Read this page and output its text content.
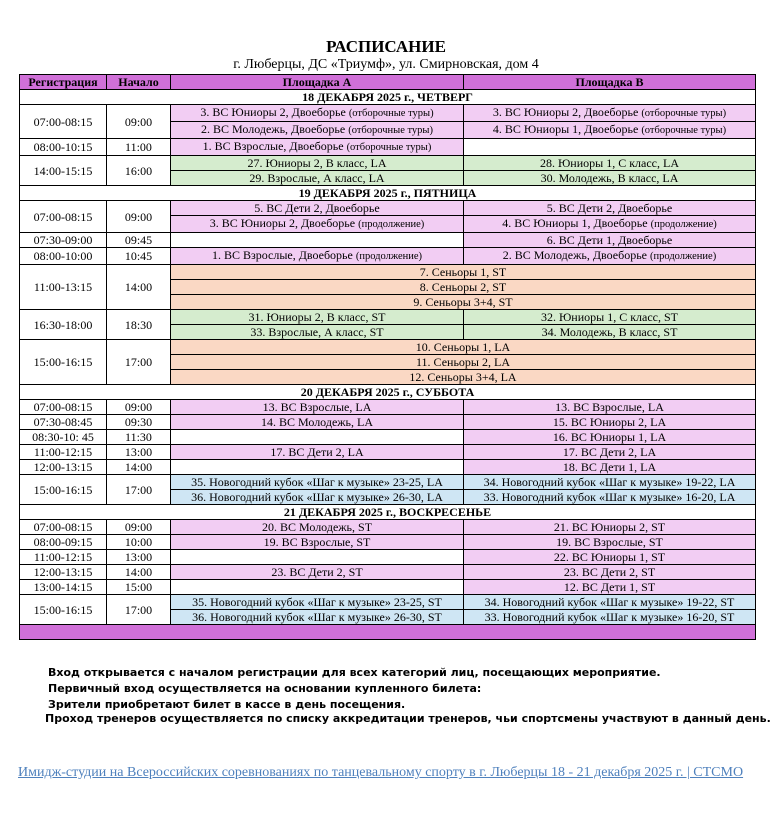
РАСПИСАНИЕ
г. Люберцы, ДС «Триумф», ул. Смирновская, дом 4
Регистрация	Начало	Площадка А	Площадка В
18 ДЕКАБРЯ 2025 г., ЧЕТВЕРГ			
07:00-08:15	09:00	3. ВС Юниоры 2, Двоеборье (отборочные туры)	3. ВС Юниоры 2, Двоеборье (отборочные туры)
		2. ВС Молодежь, Двоеборье (отборочные туры)	4. ВС Юниоры 1, Двоеборье (отборочные туры)
08:00-10:15	11:00	1. ВС Взрослые, Двоеборье (отборочные туры)	
14:00-15:15	16:00	27. Юниоры 2, В класс, LA	28. Юниоры 1, С класс, LA
		29. Взрослые, А класс, LA	30. Молодежь, В класс, LA
19 ДЕКАБРЯ 2025 г., ПЯТНИЦА			
07:00-08:15	09:00	5. ВС Дети 2, Двоеборье	5. ВС Дети 2, Двоеборье
		3. ВС Юниоры 2, Двоеборье (продолжение)	4. ВС Юниоры 1, Двоеборье (продолжение)
07:30-09:00	09:45		6. ВС Дети 1, Двоеборье
08:00-10:00	10:45	1. ВС Взрослые, Двоеборье (продолжение)	2. ВС Молодежь, Двоеборье (продолжение)
11:00-13:15	14:00	7. Сеньоры 1, ST	
		8. Сеньоры 2, ST	
		9. Сеньоры 3+4, ST	
16:30-18:00	18:30	31. Юниоры 2, В класс, ST	32. Юниоры 1, С класс, ST
		33. Взрослые, А класс, ST	34. Молодежь, В класс, ST
15:00-16:15	17:00	10. Сеньоры 1, LA	
		11. Сеньоры 2, LA	
		12. Сеньоры 3+4, LA	
20 ДЕКАБРЯ 2025 г., СУББОТА			
07:00-08:15	09:00	13. ВС Взрослые, LA	13. ВС Взрослые, LA
07:30-08:45	09:30	14. ВС Молодежь, LA	15. ВС Юниоры 2, LA
08:30-10: 45	11:30		16. ВС Юниоры 1, LA
11:00-12:15	13:00	17. ВС Дети 2, LA	17. ВС Дети 2, LA
12:00-13:15	14:00		18. ВС Дети 1, LA
15:00-16:15	17:00	35. Новогодний кубок «Шаг к музыке» 23-25, LA	34. Новогодний кубок «Шаг к музыке» 19-22, LA
		36. Новогодний кубок «Шаг к музыке» 26-30, LA	33. Новогодний кубок «Шаг к музыке» 16-20, LA
21 ДЕКАБРЯ 2025 г., ВОСКРЕСЕНЬЕ			
07:00-08:15	09:00	20. ВС Молодежь, ST	21. ВС Юниоры 2, ST
08:00-09:15	10:00	19. ВС Взрослые, ST	19. ВС Взрослые, ST
11:00-12:15	13:00		22. ВС Юниоры 1, ST
12:00-13:15	14:00	23. ВС Дети 2, ST	23. ВС Дети 2, ST
13:00-14:15	15:00		12. ВС Дети 1, ST
15:00-16:15	17:00	35. Новогодний кубок «Шаг к музыке» 23-25, ST	34. Новогодний кубок «Шаг к музыке» 19-22, ST
		36. Новогодний кубок «Шаг к музыке» 26-30, ST	33. Новогодний кубок «Шаг к музыке» 16-20, ST

Вход открывается с началом регистрации для всех категорий лиц, посещающих мероприятие.
Первичный вход осуществляется на основании купленного билета:
Зрители приобретают билет в кассе в день посещения.
Проход тренеров осуществляется по списку аккредитации тренеров, чьи спортсмены участвуют в данный день.
Имидж-студии на Всероссийских соревнованиях по танцевальному спорту в г. Люберцы 18 - 21 декабря 2025 г. | СТСМО
